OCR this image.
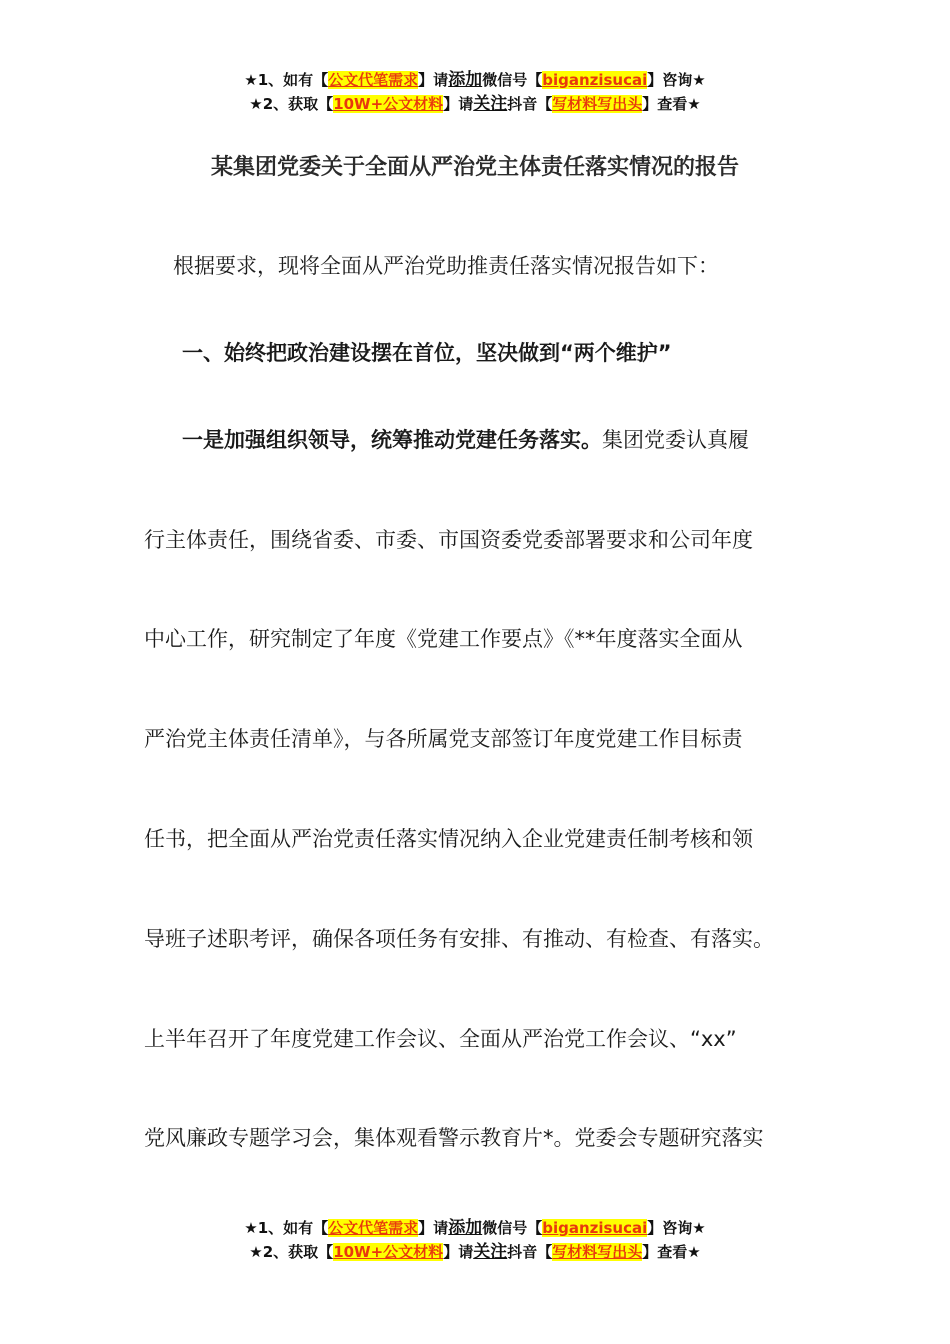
★1、如有【公文代笔需求】请添加微信号【biganzisucai】咨询★
★2、获取【10W+公文材料】请关注抖音【写材料写出头】查看★
某集团党委关于全面从严治党主体责任落实情况的报告

根据要求，现将全面从严治党助推责任落实情况报告如下：

一、始终把政治建设摆在首位，坚决做到“两个维护”

一是加强组织领导，统筹推动党建任务落实。集团党委认真履

行主体责任，围绕省委、市委、市国资委党委部署要求和公司年度

中心工作，研究制定了年度《党建工作要点》《**年度落实全面从

严治党主体责任清单》，与各所属党支部签订年度党建工作目标责

任书，把全面从严治党责任落实情况纳入企业党建责任制考核和领

导班子述职考评，确保各项任务有安排、有推动、有检查、有落实。

上半年召开了年度党建工作会议、全面从严治党工作会议、“xx”

党风廉政专题学习会，集体观看警示教育片*。党委会专题研究落实

★1、如有【公文代笔需求】请添加微信号【biganzisucai】咨询★
★2、获取【10W+公文材料】请关注抖音【写材料写出头】查看★
